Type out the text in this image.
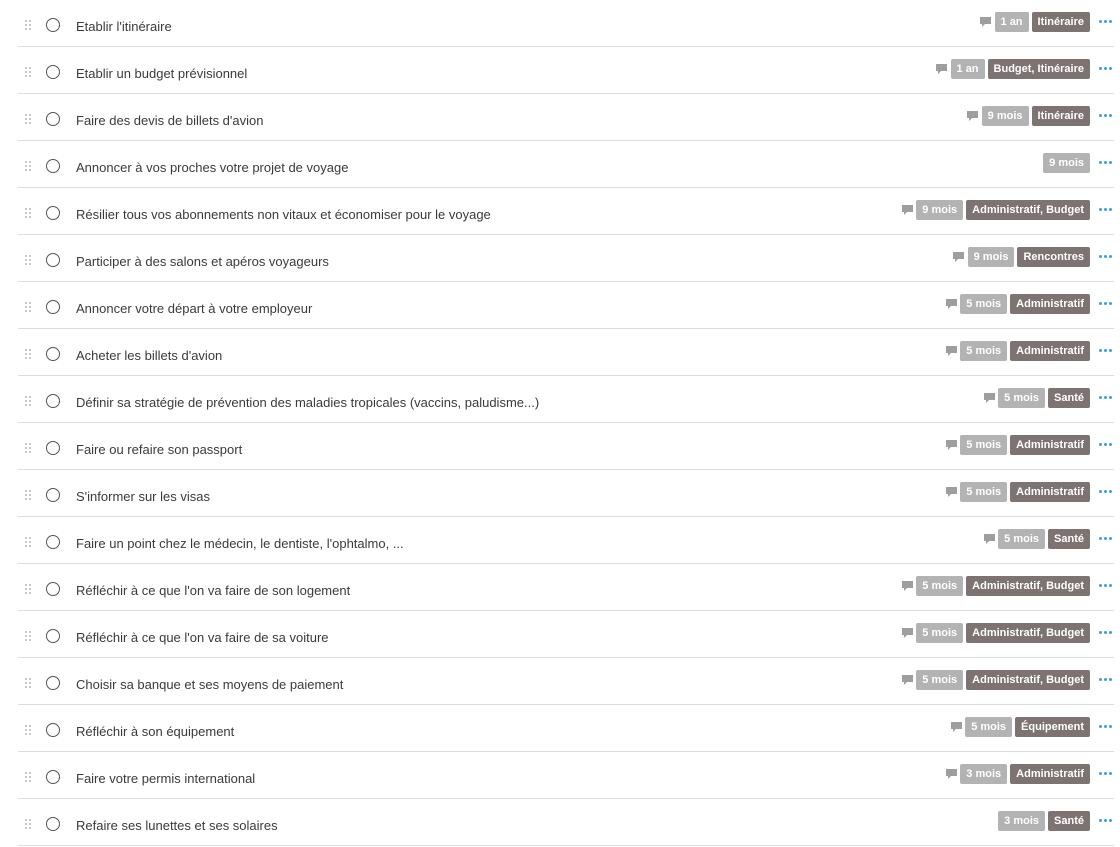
Etablir l'itinéraire	1 an	Itinéraire
Etablir un budget prévisionnel	1 an	Budget, Itinéraire
Faire des devis de billets d'avion	9 mois	Itinéraire
Annoncer à vos proches votre projet de voyage	9 mois
Résilier tous vos abonnements non vitaux et économiser pour le voyage	9 mois	Administratif, Budget
Participer à des salons et apéros voyageurs	9 mois	Rencontres
Annoncer votre départ à votre employeur	5 mois	Administratif
Acheter les billets d'avion	5 mois	Administratif
Définir sa stratégie de prévention des maladies tropicales (vaccins, paludisme...)	5 mois	Santé
Faire ou refaire son passport	5 mois	Administratif
S'informer sur les visas	5 mois	Administratif
Faire un point chez le médecin, le dentiste, l'ophtalmo, ...	5 mois	Santé
Réfléchir à ce que l'on va faire de son logement	5 mois	Administratif, Budget
Réfléchir à ce que l'on va faire de sa voiture	5 mois	Administratif, Budget
Choisir sa banque et ses moyens de paiement	5 mois	Administratif, Budget
Réfléchir à son équipement	5 mois	Équipement
Faire votre permis international	3 mois	Administratif
Refaire ses lunettes et ses solaires	3 mois	Santé
